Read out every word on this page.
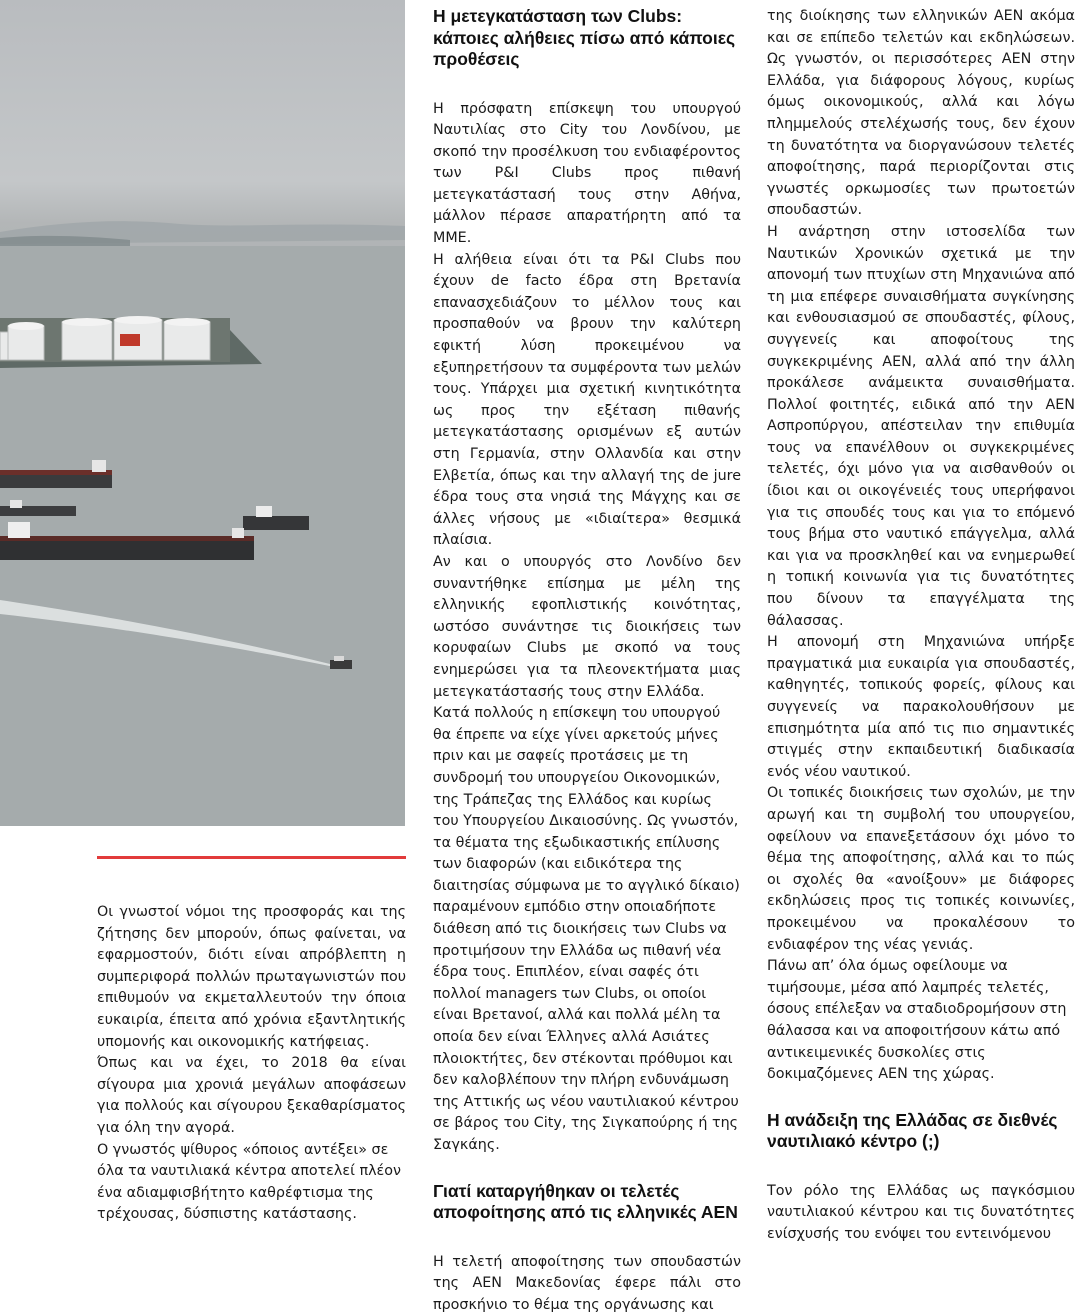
Οι γνωστοί νόμοι της προσφοράς και της ζήτησης δεν μπορούν, όπως φαίνεται, να εφαρμοστούν, διότι είναι απρόβλεπτη η συμπεριφορά πολλών πρωταγωνιστών που επιθυμούν να εκμεταλλευτούν την όποια ευκαιρία, έπειτα από χρόνια εξαντλητικής υπομονής και οικονομικής κατήφειας.

Όπως και να έχει, το 2018 θα είναι σίγουρα μια χρονιά μεγάλων αποφάσεων για πολλούς και σίγουρου ξεκαθαρίσματος για όλη την αγορά.

Ο γνωστός ψίθυρος «όποιος αντέξει» σε όλα τα ναυτιλιακά κέντρα αποτελεί πλέον ένα αδιαμφισβήτητο καθρέφτισμα της τρέχουσας, δύσπιστης κατάστασης.

Η μετεγκατάσταση των Clubs: κάποιες αλήθειες πίσω από κάποιες προθέσεις

Η πρόσφατη επίσκεψη του υπουργού Ναυτιλίας στο City του Λονδίνου, με σκοπό την προσέλκυση του ενδιαφέροντος των P&I Clubs προς πιθανή μετεγκατάστασή τους στην Αθήνα, μάλλον πέρασε απαρατήρητη από τα ΜΜΕ.

Η αλήθεια είναι ότι τα P&I Clubs που έχουν de facto έδρα στη Βρετανία επανασχεδιάζουν το μέλλον τους και προσπαθούν να βρουν την καλύτερη εφικτή λύση προκειμένου να εξυπηρετήσουν τα συμφέροντα των μελών τους. Υπάρχει μια σχετική κινητικότητα ως προς την εξέταση πιθανής μετεγκατάστασης ορισμένων εξ αυτών στη Γερμανία, στην Ολλανδία και στην Ελβετία, όπως και την αλλαγή της de jure έδρα τους στα νησιά της Μάγχης και σε άλλες νήσους με «ιδιαίτερα» θεσμικά πλαίσια.

Αν και ο υπουργός στο Λονδίνο δεν συναντήθηκε επίσημα με μέλη της ελληνικής εφοπλιστικής κοινότητας, ωστόσο συνάντησε τις διοικήσεις των κορυφαίων Clubs με σκοπό να τους ενημερώσει για τα πλεονεκτήματα μιας μετεγκατάστασής τους στην Ελλάδα.

Κατά πολλούς η επίσκεψη του υπουργού θα έπρεπε να είχε γίνει αρκετούς μήνες πριν και με σαφείς προτάσεις με τη συνδρομή του υπουργείου Οικονομικών, της Τράπεζας της Ελλάδος και κυρίως του Υπουργείου Δικαιοσύνης. Ως γνωστόν, τα θέματα της εξωδικαστικής επίλυσης των διαφορών (και ειδικότερα της διαιτησίας σύμφωνα με το αγγλικό δίκαιο) παραμένουν εμπόδιο στην οποιαδήποτε διάθεση από τις διοικήσεις των Clubs να προτιμήσουν την Ελλάδα ως πιθανή νέα έδρα τους. Επιπλέον, είναι σαφές ότι πολλοί managers των Clubs, οι οποίοι είναι Βρετανοί, αλλά και πολλά μέλη τα οποία δεν είναι Έλληνες αλλά Ασιάτες πλοιοκτήτες, δεν στέκονται πρόθυμοι και δεν καλοβλέπουν την πλήρη ενδυνάμωση της Αττικής ως νέου ναυτιλιακού κέντρου σε βάρος του City, της Σιγκαπούρης ή της Σαγκάης.

Γιατί καταργήθηκαν οι τελετές αποφοίτησης από τις ελληνικές ΑΕΝ

Η τελετή αποφοίτησης των σπουδαστών της ΑΕΝ Μακεδονίας έφερε πάλι στο προσκήνιο το θέμα της οργάνωσης και

της διοίκησης των ελληνικών ΑΕΝ ακόμα και σε επίπεδο τελετών και εκδηλώσεων. Ως γνωστόν, οι περισσότερες ΑΕΝ στην Ελλάδα, για διάφορους λόγους, κυρίως όμως οικονομικούς, αλλά και λόγω πλημμελούς στελέχωσής τους, δεν έχουν τη δυνατότητα να διοργανώσουν τελετές αποφοίτησης, παρά περιορίζονται στις γνωστές ορκωμοσίες των πρωτοετών σπουδαστών.

Η ανάρτηση στην ιστοσελίδα των Ναυτικών Χρονικών σχετικά με την απονομή των πτυχίων στη Μηχανιώνα από τη μια επέφερε συναισθήματα συγκίνησης και ενθουσιασμού σε σπουδαστές, φίλους, συγγενείς και αποφοίτους της συγκεκριμένης ΑΕΝ, αλλά από την άλλη προκάλεσε ανάμεικτα συναισθήματα. Πολλοί φοιτητές, ειδικά από την ΑΕΝ Ασπροπύργου, απέστειλαν την επιθυμία τους να επανέλθουν οι συγκεκριμένες τελετές, όχι μόνο για να αισθανθούν οι ίδιοι και οι οικογένειές τους υπερήφανοι για τις σπουδές τους και για το επόμενό τους βήμα στο ναυτικό επάγγελμα, αλλά και για να προσκληθεί και να ενημερωθεί η τοπική κοινωνία για τις δυνατότητες που δίνουν τα επαγγέλματα της θάλασσας.

Η απονομή στη Μηχανιώνα υπήρξε πραγματικά μια ευκαιρία για σπουδαστές, καθηγητές, τοπικούς φορείς, φίλους και συγγενείς να παρακολουθήσουν με επισημότητα μία από τις πιο σημαντικές στιγμές στην εκπαιδευτική διαδικασία ενός νέου ναυτικού.

Οι τοπικές διοικήσεις των σχολών, με την αρωγή και τη συμβολή του υπουργείου, οφείλουν να επανεξετάσουν όχι μόνο το θέμα της αποφοίτησης, αλλά και το πώς οι σχολές θα «ανοίξουν» με διάφορες εκδηλώσεις προς τις τοπικές κοινωνίες, προκειμένου να προκαλέσουν το ενδιαφέρον της νέας γενιάς.

Πάνω απ’ όλα όμως οφείλουμε να τιμήσουμε, μέσα από λαμπρές τελετές, όσους επέλεξαν να σταδιοδρομήσουν στη θάλασσα και να αποφοιτήσουν κάτω από αντικειμενικές δυσκολίες στις δοκιμαζόμενες ΑΕΝ της χώρας.

Η ανάδειξη της Ελλάδας σε διεθνές ναυτιλιακό κέντρο (;)

Τον ρόλο της Ελλάδας ως παγκόσμιου ναυτιλιακού κέντρου και τις δυνατότητες ενίσχυσής του ενόψει του εντεινόμενου
